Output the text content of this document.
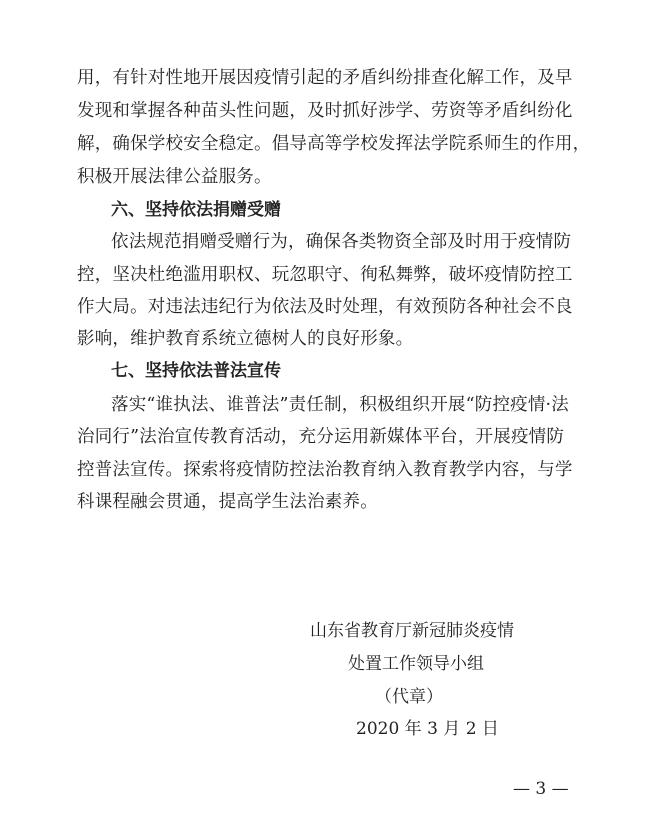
用，有针对性地开展因疫情引起的矛盾纠纷排查化解工作，及早
发现和掌握各种苗头性问题，及时抓好涉学、劳资等矛盾纠纷化
解，确保学校安全稳定。倡导高等学校发挥法学院系师生的作用，
积极开展法律公益服务。
六、坚持依法捐赠受赠
依法规范捐赠受赠行为，确保各类物资全部及时用于疫情防
控，坚决杜绝滥用职权、玩忽职守、徇私舞弊，破坏疫情防控工
作大局。对违法违纪行为依法及时处理，有效预防各种社会不良
影响，维护教育系统立德树人的良好形象。
七、坚持依法普法宣传
落实“谁执法、谁普法”责任制，积极组织开展“防控疫情·法
治同行”法治宣传教育活动，充分运用新媒体平台，开展疫情防
控普法宣传。探索将疫情防控法治教育纳入教育教学内容，与学
科课程融会贯通，提高学生法治素养。
山东省教育厅新冠肺炎疫情
处置工作领导小组
（代章）
2020 年 3 月 2 日
— 3 —
